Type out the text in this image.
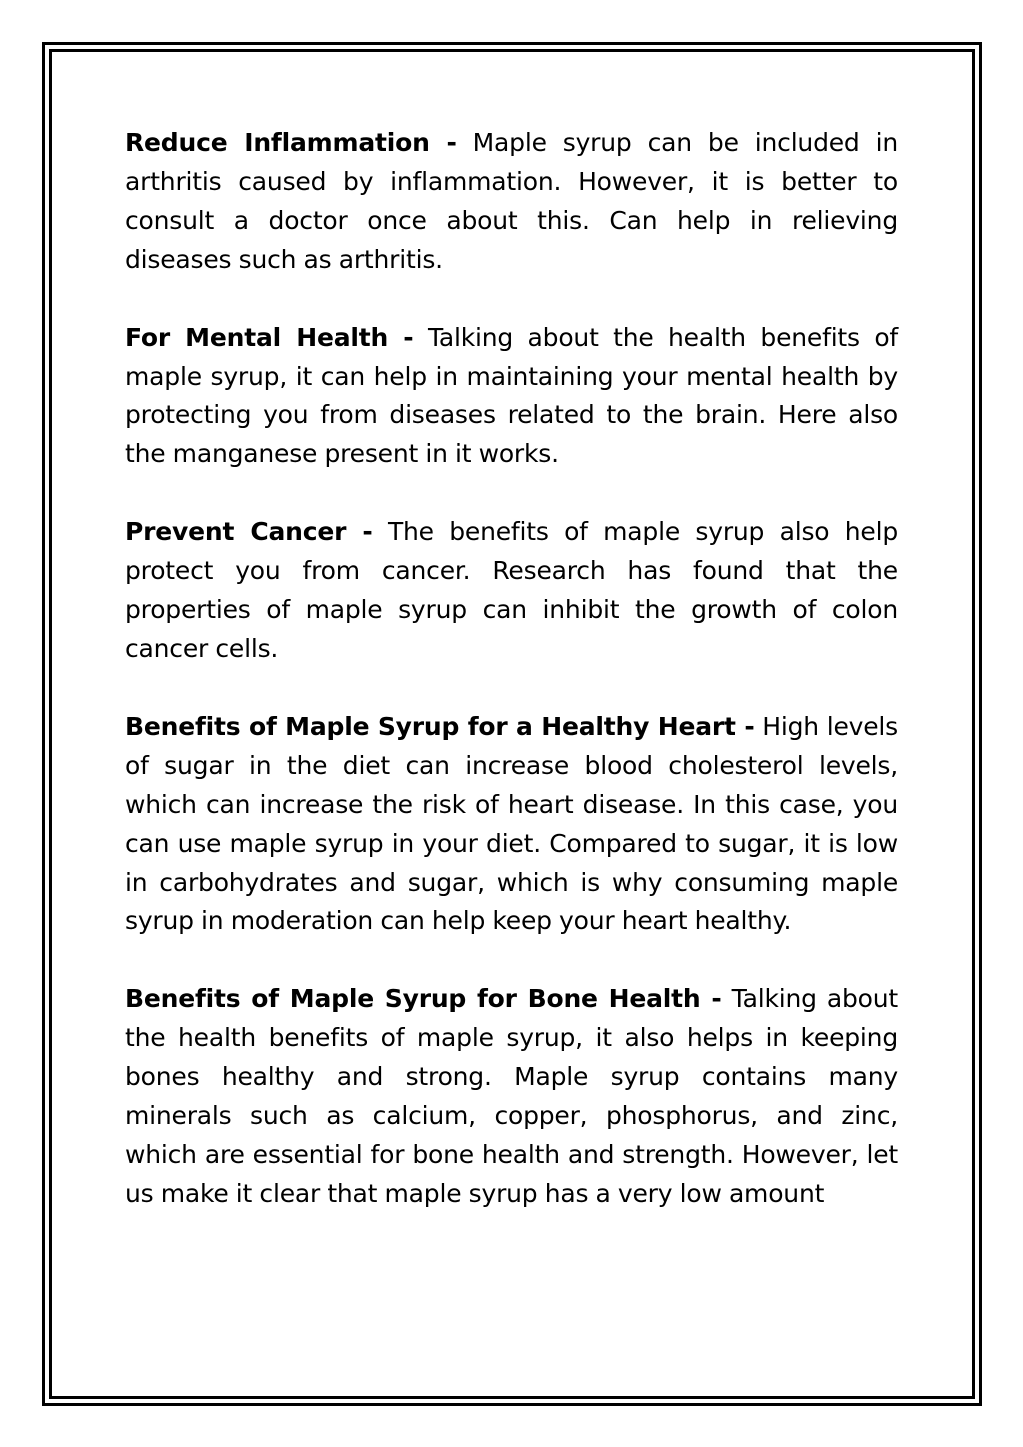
Reduce Inflammation - Maple syrup can be included in arthritis caused by inflammation. However, it is better to consult a doctor once about this. Can help in relieving diseases such as arthritis.

For Mental Health - Talking about the health benefits of maple syrup, it can help in maintaining your mental health by protecting you from diseases related to the brain. Here also the manganese present in it works.

Prevent Cancer - The benefits of maple syrup also help protect you from cancer. Research has found that the properties of maple syrup can inhibit the growth of colon cancer cells.

Benefits of Maple Syrup for a Healthy Heart - High levels of sugar in the diet can increase blood cholesterol levels, which can increase the risk of heart disease. In this case, you can use maple syrup in your diet. Compared to sugar, it is low in carbohydrates and sugar, which is why consuming maple syrup in moderation can help keep your heart healthy.

Benefits of Maple Syrup for Bone Health - Talking about the health benefits of maple syrup, it also helps in keeping bones healthy and strong. Maple syrup contains many minerals such as calcium, copper, phosphorus, and zinc, which are essential for bone health and strength. However, let us make it clear that maple syrup has a very low amount
